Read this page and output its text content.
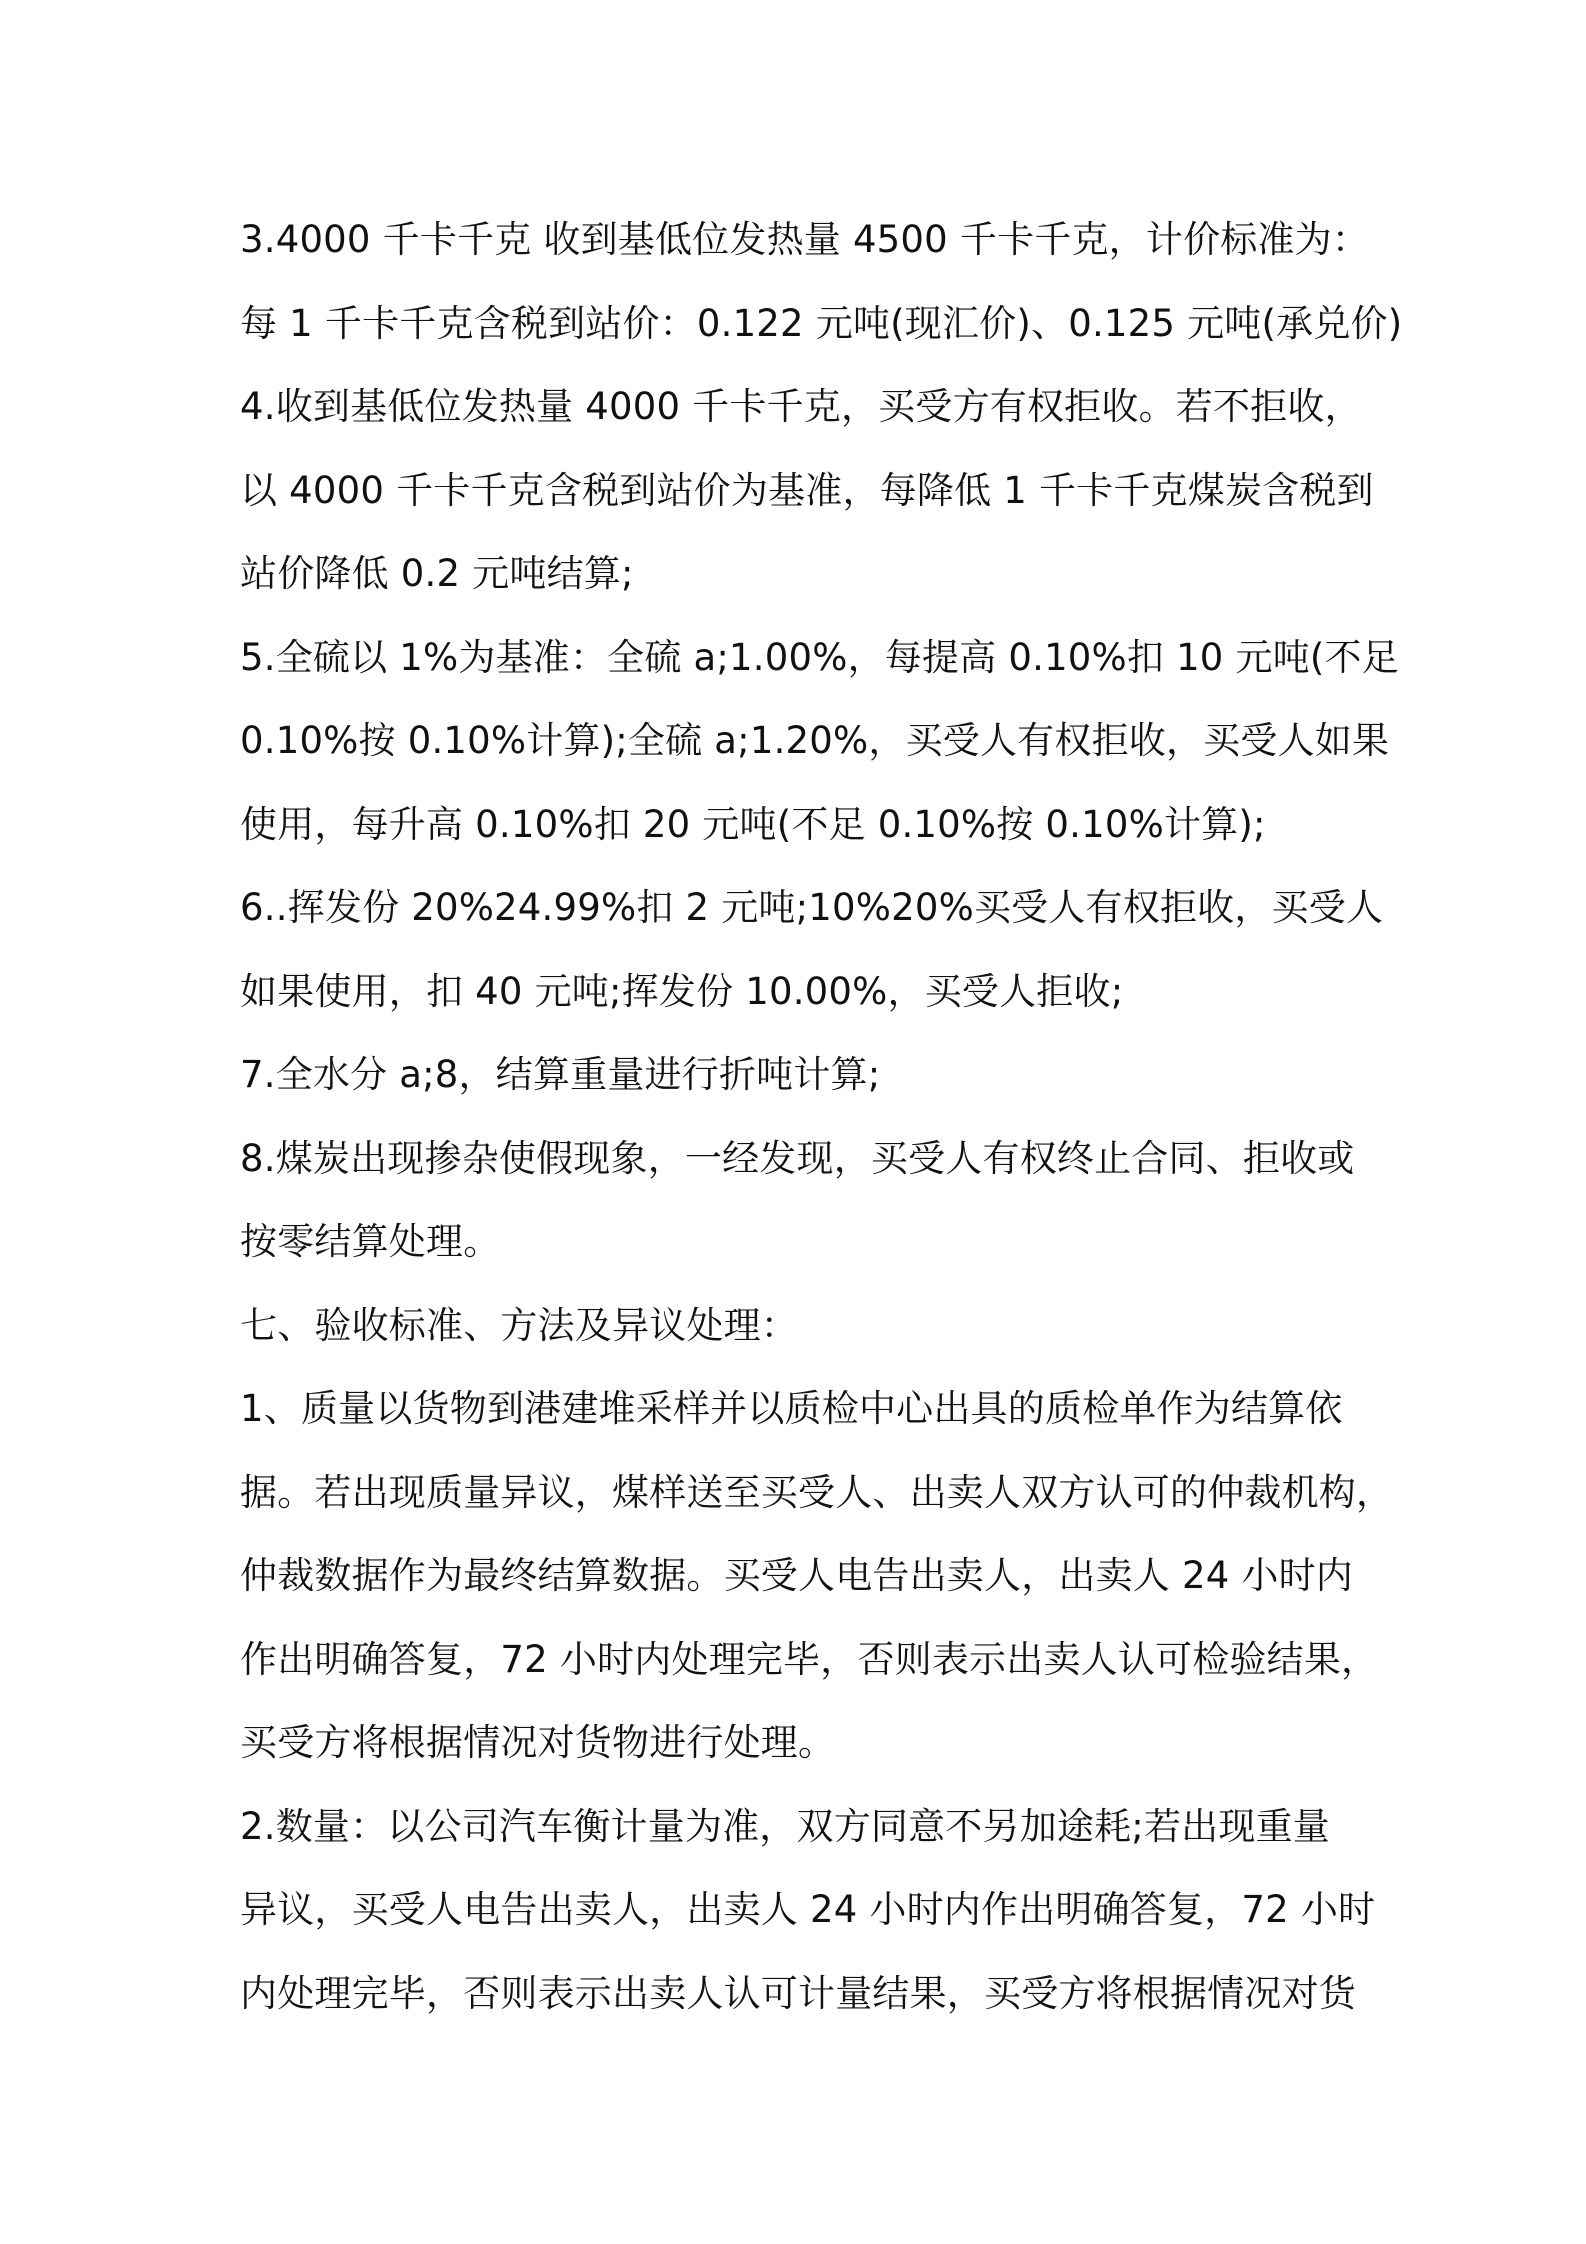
3.4000 千卡千克 收到基低位发热量 4500 千卡千克，计价标准为：
每 1 千卡千克含税到站价：0.122 元吨(现汇价)、0.125 元吨(承兑价)
4.收到基低位发热量 4000 千卡千克，买受方有权拒收。若不拒收，
以 4000 千卡千克含税到站价为基准，每降低 1 千卡千克煤炭含税到
站价降低 0.2 元吨结算;
5.全硫以 1%为基准：全硫 a;1.00%，每提高 0.10%扣 10 元吨(不足
0.10%按 0.10%计算);全硫 a;1.20%，买受人有权拒收，买受人如果
使用，每升高 0.10%扣 20 元吨(不足 0.10%按 0.10%计算);
6..挥发份 20%24.99%扣 2 元吨;10%20%买受人有权拒收，买受人
如果使用，扣 40 元吨;挥发份 10.00%，买受人拒收;
7.全水分 a;8，结算重量进行折吨计算;
8.煤炭出现掺杂使假现象，一经发现，买受人有权终止合同、拒收或
按零结算处理。
七、验收标准、方法及异议处理：
1、质量以货物到港建堆采样并以质检中心出具的质检单作为结算依
据。若出现质量异议，煤样送至买受人、出卖人双方认可的仲裁机构，
仲裁数据作为最终结算数据。买受人电告出卖人，出卖人 24 小时内
作出明确答复，72 小时内处理完毕，否则表示出卖人认可检验结果，
买受方将根据情况对货物进行处理。
2.数量：以公司汽车衡计量为准，双方同意不另加途耗;若出现重量
异议，买受人电告出卖人，出卖人 24 小时内作出明确答复，72 小时
内处理完毕，否则表示出卖人认可计量结果，买受方将根据情况对货
